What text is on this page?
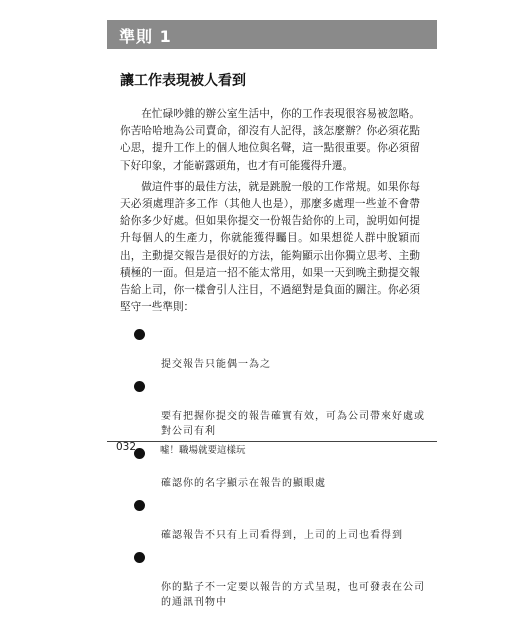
準則 1
讓工作表現被人看到

在忙碌吵雜的辦公室生活中，你的工作表現很容易被忽略。你苦哈哈地為公司賣命，卻沒有人記得，該怎麼辦？你必須花點心思，提升工作上的個人地位與名聲，這一點很重要。你必須留下好印象，才能嶄露頭角，也才有可能獲得升遷。

做這件事的最佳方法，就是跳脫一般的工作常規。如果你每天必須處理許多工作（其他人也是），那麼多處理一些並不會帶給你多少好處。但如果你提交一份報告給你的上司，說明如何提升每個人的生產力，你就能獲得矚目。如果想從人群中脫穎而出，主動提交報告是很好的方法，能夠顯示出你獨立思考、主動積極的一面。但是這一招不能太常用，如果一天到晚主動提交報告給上司，你一樣會引人注目，不過絕對是負面的關注。你必須堅守一些準則：

提交報告只能偶一為之

要有把握你提交的報告確實有效，可為公司帶來好處或
對公司有利

確認你的名字顯示在報告的顯眼處

確認報告不只有上司看得到，上司的上司也看得到

你的點子不一定要以報告的方式呈現，也可發表在公司
的通訊刊物中

032	噓！職場就要這樣玩
